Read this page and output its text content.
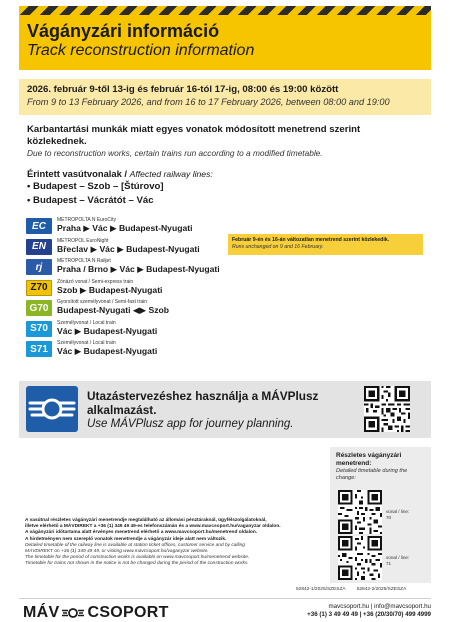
Vágányzári információ
Track reconstruction information
2026. február 9-től 13-ig és február 16-tól 17-ig, 08:00 és 19:00 között
From 9 to 13 February 2026, and from 16 to 17 February 2026, between 08:00 and 19:00
Karbantartási munkák miatt egyes vonatok módosított menetrend szerint közlekednek.
Due to reconstruction works, certain trains run according to a modified timetable.
Érintett vasútvonalak / Affected railway lines:
• Budapest – Szob – [Štúrovo]
• Budapest – Vácrátót – Vác
EC
METROPOLTA N EuroCity
Praha ▶ Vác ▶ Budapest-Nyugati
EN
METROPOL EuroNight
Břeclav ▶ Vác ▶ Budapest-Nyugati
rj
METROPOLTA N Railjet
Praha / Brno ▶ Vác ▶ Budapest-Nyugati
Z70
Zónázó vonat / Semi-express train
Szob ▶ Budapest-Nyugati
G70
Gyorsított személyvonat / Semi-fast train
Budapest-Nyugati ◀▶ Szob
S70
Személyvonat / Local train
Vác ▶ Budapest-Nyugati
S71
Személyvonat / Local train
Vác ▶ Budapest-Nyugati
Február 9-én és 16-án változatlan menetrend szerint közlekedik.
Runs unchanged on 9 and 16 February.
Utazástervezéshez használja a MÁVPlusz alkalmazást.
Use MÁVPlusz app for journey planning.
Részletes vágányzári menetrend:
Detailed timetable during the change:
vonal / line:
70
vonal / line:
71

A vasútnal részletes vágányzári menetrendje megtalálható az állomási pénztáraknál, ügyfélszolgálatoknál,

illetve elérhető a MÁVDIREKT a +36 (1) 349 49 49-es telefonszámán és a www.mavcsoport.hu/vaganyzar oldalon.

A vágányzári időtartama alatt érvényes menetrend elérhető a www.mavcsoport.hu/menetrend oldalon.

A hirdetményen nem szereplő vonatok menetrendje a vágányzár ideje alatt nem változik.

Detailed timetable of the railway line is available at station ticket offices, customer service and by calling

MÁVDIREKT on +36 (1) 349 49 49, or visiting www.mavcsoport.hu/vaganyzar website.

The timetable for the period of construction works is available on www.mavcsoport.hu/menetrend website.

Timetable for trains not shown in the notice is not be changed during the period of the construction works.

52842-1/2025/SZESZA 52842-2/2025/SZESZA
MÁV CSOPORT	mavcsoport.hu | info@mavcsoport.hu

+36 (1) 3 49 49 49 | +36 (20/30/70) 499 4999
